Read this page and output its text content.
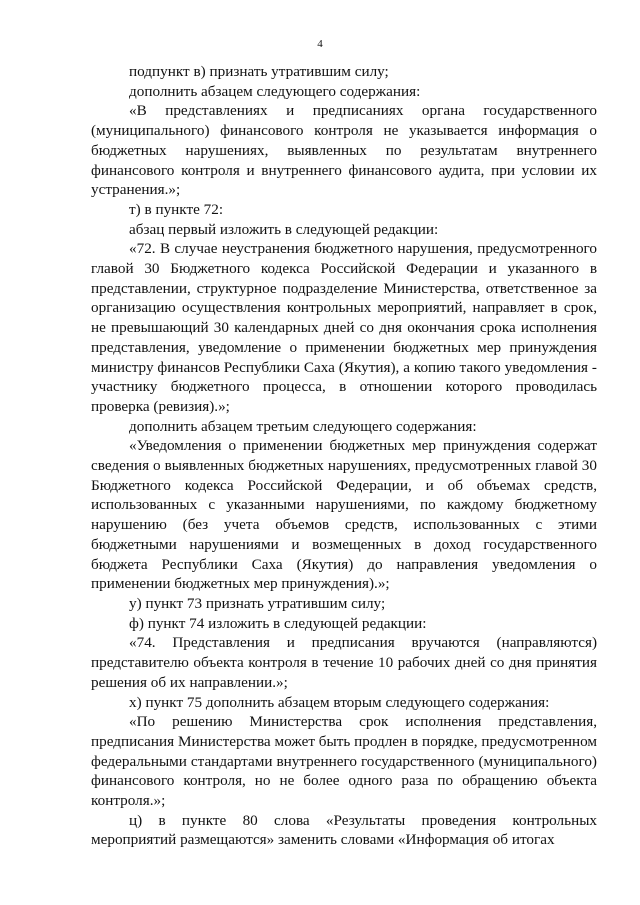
4

подпункт в) признать утратившим силу;

дополнить абзацем следующего содержания:

«В представлениях и предписаниях органа государственного (муниципального) финансового контроля не указывается информация о бюджетных нарушениях, выявленных по результатам внутреннего финансового контроля и внутреннего финансового аудита, при условии их устранения.»;

т) в пункте 72:

абзац первый изложить в следующей редакции:

«72. В случае неустранения бюджетного нарушения, предусмотренного главой 30 Бюджетного кодекса Российской Федерации и указанного в представлении, структурное подразделение Министерства, ответственное за организацию осуществления контрольных мероприятий, направляет в срок, не превышающий 30 календарных дней со дня окончания срока исполнения представления, уведомление о применении бюджетных мер принуждения министру финансов Республики Саха (Якутия), а копию такого уведомления - участнику бюджетного процесса, в отношении которого проводилась проверка (ревизия).»;

дополнить абзацем третьим следующего содержания:

«Уведомления о применении бюджетных мер принуждения содержат сведения о выявленных бюджетных нарушениях, предусмотренных главой 30 Бюджетного кодекса Российской Федерации, и об объемах средств, использованных с указанными нарушениями, по каждому бюджетному нарушению (без учета объемов средств, использованных с этими бюджетными нарушениями и возмещенных в доход государственного бюджета Республики Саха (Якутия) до направления уведомления о применении бюджетных мер принуждения).»;

у) пункт 73 признать утратившим силу;

ф) пункт 74 изложить в следующей редакции:

«74. Представления и предписания вручаются (направляются) представителю объекта контроля в течение 10 рабочих дней со дня принятия решения об их направлении.»;

х) пункт 75 дополнить абзацем вторым следующего содержания:

«По решению Министерства срок исполнения представления, предписания Министерства может быть продлен в порядке, предусмотренном федеральными стандартами внутреннего государственного (муниципального) финансового контроля, но не более одного раза по обращению объекта контроля.»;

ц) в пункте 80 слова «Результаты проведения контрольных мероприятий размещаются» заменить словами «Информация об итогах
